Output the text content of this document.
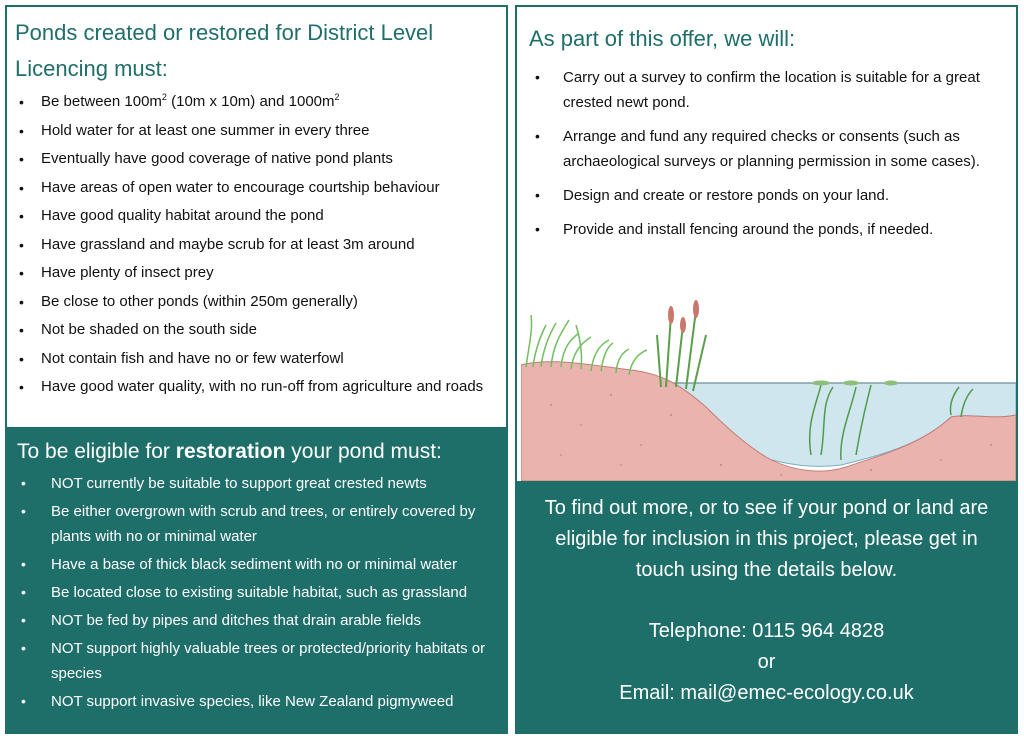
Ponds created or restored for District Level
Licencing must:
• Be between $100m^2$ (10m x 10m) and $1000m^2$
• Hold water for at least one summer in every three
• Eventually have good coverage of native pond plants
• Have areas of open water to encourage courtship behaviour
• Have good quality habitat around the pond
• Have grassland and maybe scrub for at least 3m around
• Have plenty of insect prey
• Be close to other ponds (within 250m generally)
• Not be shaded on the south side
• Not contain fish and have no or few waterfowl
• Have good water quality, with no run-off from agriculture and roads
To be eligible for restoration your pond must:
• NOT currently be suitable to support great crested newts
• Be either overgrown with scrub and trees, or entirely covered by plants with no or minimal water
• Have a base of thick black sediment with no or minimal water
• Be located close to existing suitable habitat, such as grassland
• NOT be fed by pipes and ditches that drain arable fields
• NOT support highly valuable trees or protected/priority habitats or species
• NOT support invasive species, like New Zealand pigmyweed
As part of this offer, we will:
• Carry out a survey to confirm the location is suitable for a great crested newt pond.
• Arrange and fund any required checks or consents (such as archaeological surveys or planning permission in some cases).
• Design and create or restore ponds on your land.
• Provide and install fencing around the ponds, if needed.
To find out more, or to see if your pond or land are eligible for inclusion in this project, please get in touch using the details below.
Telephone: 0115 964 4828
or
Email: mail@emec-ecology.co.uk
